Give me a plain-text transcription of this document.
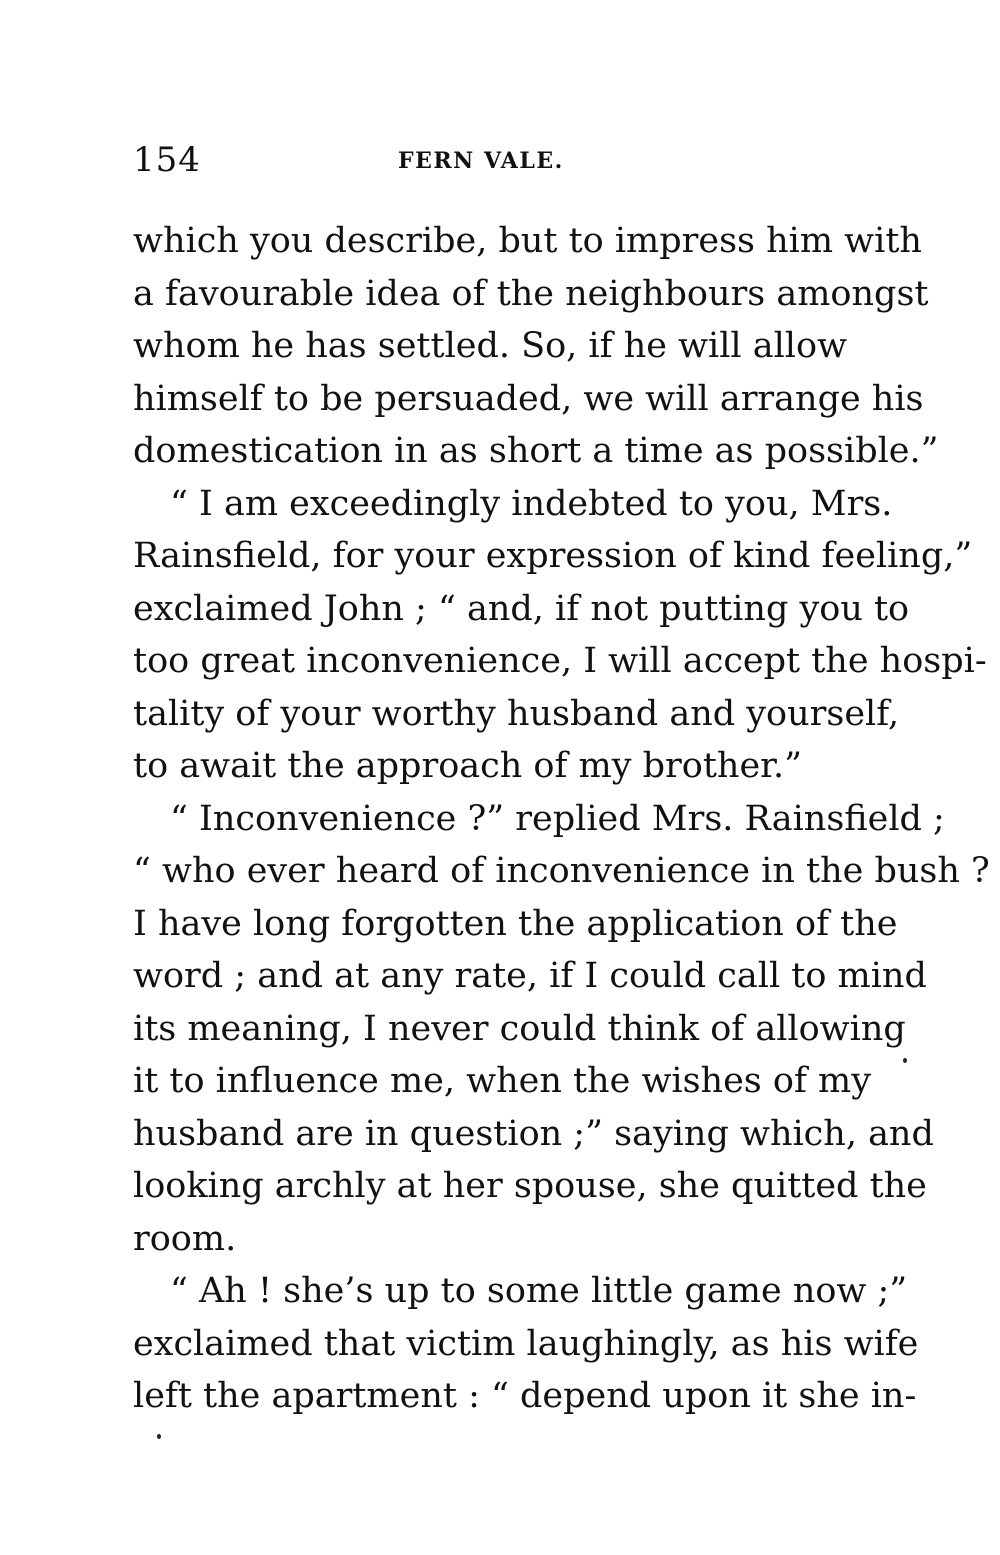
154	FERN VALE.
which you describe, but to impress him with
a favourable idea of the neighbours amongst
whom he has settled. So, if he will allow
himself to be persuaded, we will arrange his
domestication in as short a time as possible.”
“ I am exceedingly indebted to you, Mrs.
Rainsfield, for your expression of kind feeling,”
exclaimed John ; “ and, if not putting you to
too great inconvenience, I will accept the hospi-
tality of your worthy husband and yourself,
to await the approach of my brother.”
“ Inconvenience ?” replied Mrs. Rainsfield ;
“ who ever heard of inconvenience in the bush ?
I have long forgotten the application of the
word ; and at any rate, if I could call to mind
its meaning, I never could think of allowing
it to influence me, when the wishes of my
husband are in question ;” saying which, and
looking archly at her spouse, she quitted the
room.
“ Ah ! she’s up to some little game now ;”
exclaimed that victim laughingly, as his wife
left the apartment : “ depend upon it she in-
